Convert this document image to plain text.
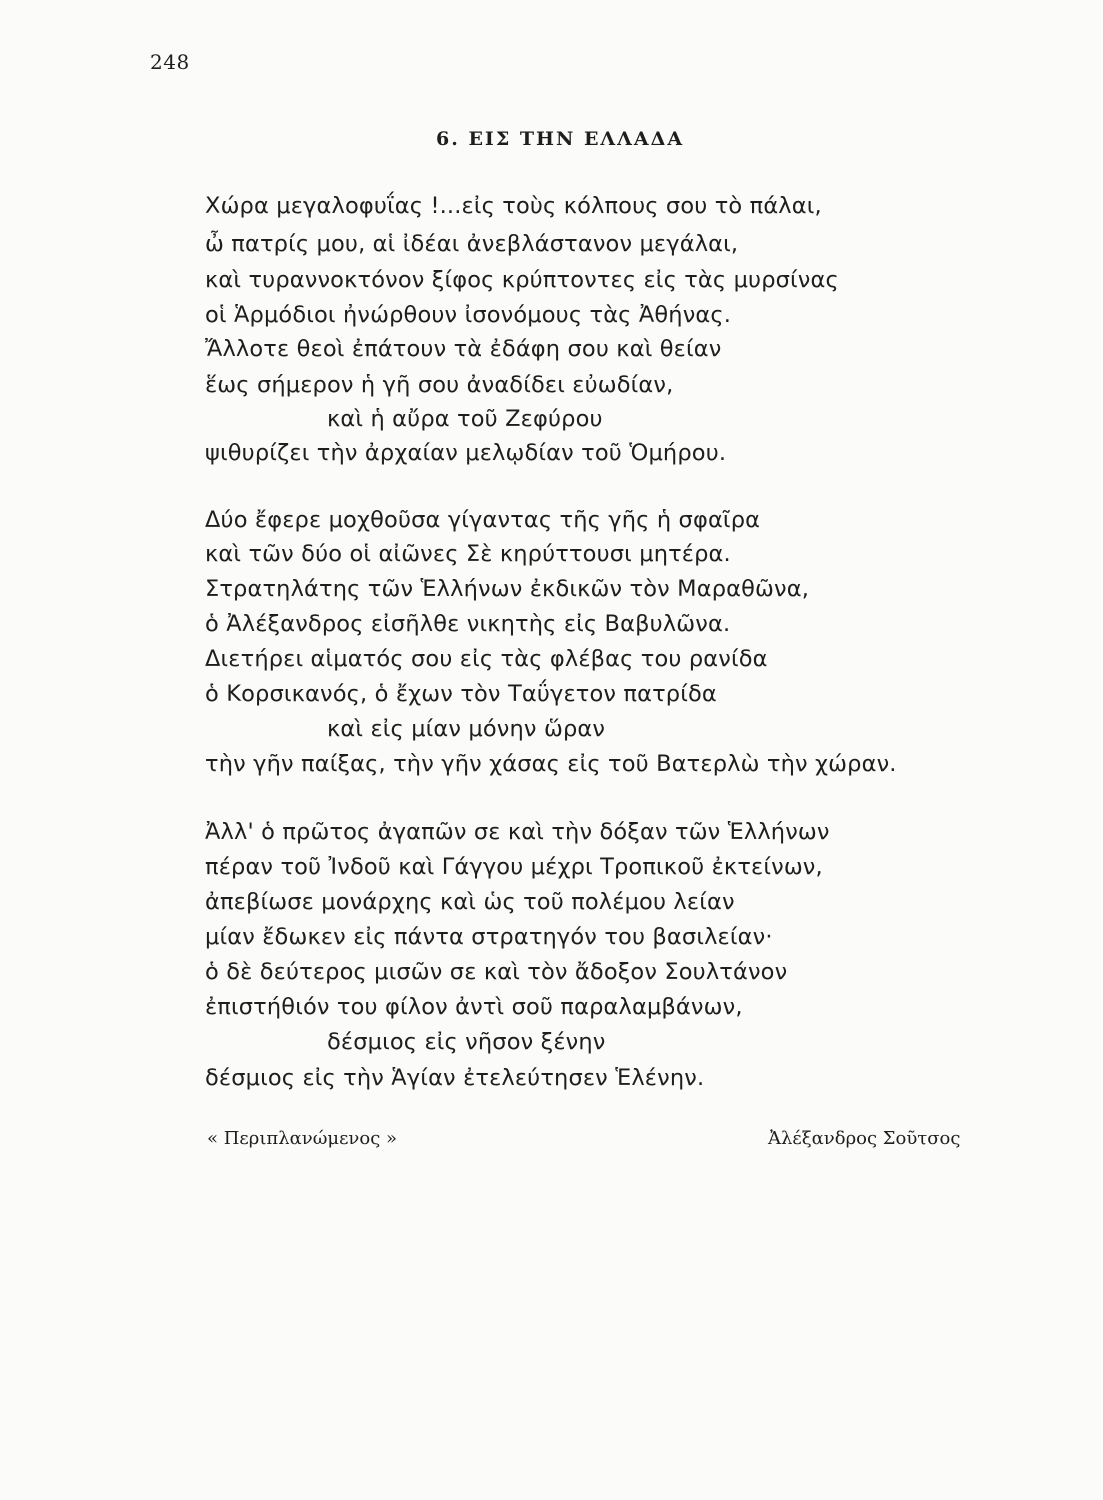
248
6. ΕΙΣ ΤΗΝ ΕΛΛΑΔΑ

Χώρα μεγαλοφυΐας !...εἰς τοὺς κόλπους σου τὸ πάλαι,
ὦ πατρίς μου, αἱ ἰδέαι ἀνεβλάστανον μεγάλαι,
καὶ τυραννοκτόνον ξίφος κρύπτοντες εἰς τὰς μυρσίνας
οἱ Ἁρμόδιοι ἠνώρθουν ἰσονόμους τὰς Ἀθήνας.
Ἄλλοτε θεοὶ ἐπάτουν τὰ ἐδάφη σου καὶ θείαν
ἕως σήμερον ἡ γῆ σου ἀναδίδει εὐωδίαν,
καὶ ἡ αὔρα τοῦ Ζεφύρου
ψιθυρίζει τὴν ἀρχαίαν μελῳδίαν τοῦ Ὁμήρου.
Δύο ἔφερε μοχθοῦσα γίγαντας τῆς γῆς ἡ σφαῖρα
καὶ τῶν δύο οἱ αἰῶνες Σὲ κηρύττουσι μητέρα.
Στρατηλάτης τῶν Ἑλλήνων ἐκδικῶν τὸν Μαραθῶνα,
ὁ Ἀλέξανδρος εἰσῆλθε νικητὴς εἰς Βαβυλῶνα.
Διετήρει αἱματός σου εἰς τὰς φλέβας του ρανίδα
ὁ Κορσικανός, ὁ ἔχων τὸν Ταΰγετον πατρίδα
καὶ εἰς μίαν μόνην ὥραν
τὴν γῆν παίξας, τὴν γῆν χάσας εἰς τοῦ Βατερλὼ τὴν χώραν.
Ἀλλ' ὁ πρῶτος ἀγαπῶν σε καὶ τὴν δόξαν τῶν Ἑλλήνων
πέραν τοῦ Ἰνδοῦ καὶ Γάγγου μέχρι Τροπικοῦ ἐκτείνων,
ἀπεβίωσε μονάρχης καὶ ὡς τοῦ πολέμου λείαν
μίαν ἔδωκεν εἰς πάντα στρατηγόν του βασιλείαν·
ὁ δὲ δεύτερος μισῶν σε καὶ τὸν ἄδοξον Σουλτάνον
ἐπιστήθιόν του φίλον ἀντὶ σοῦ παραλαμβάνων,
δέσμιος εἰς νῆσον ξένην
δέσμιος εἰς τὴν Ἁγίαν ἐτελεύτησεν Ἑλένην.
« Περιπλανώμενος »	Ἀλέξανδρος Σοῦτσος
